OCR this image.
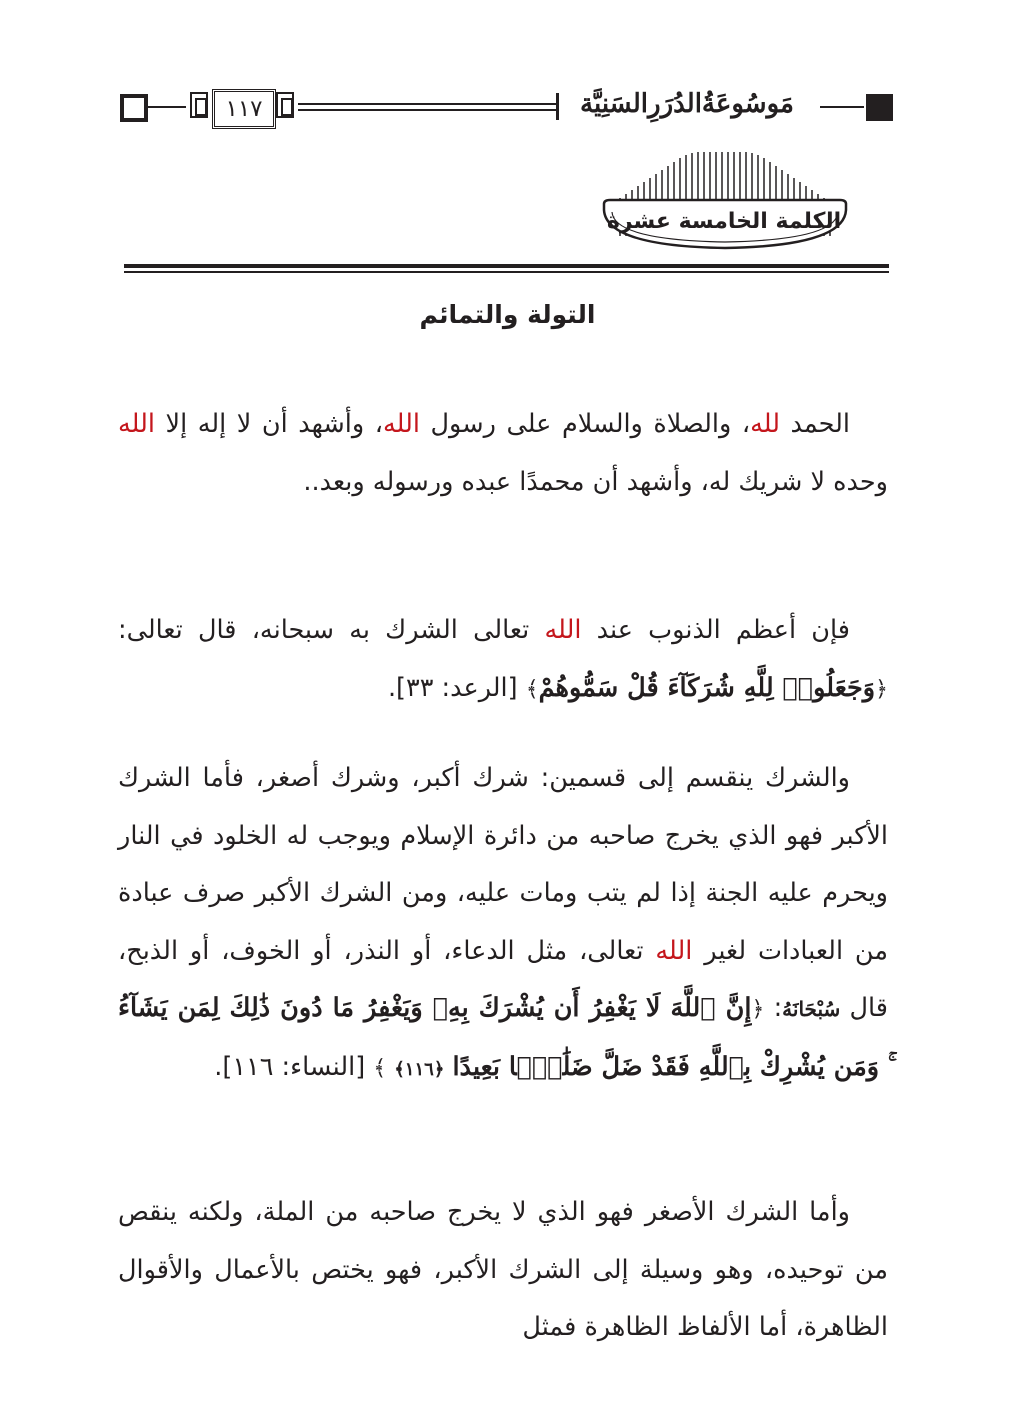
١١٧	مَوسُوعَةُالدُرَرِالسَنِيَّة
الكلمة الخامسة عشرة
التولة والتمائم
الحمد لله، والصلاة والسلام على رسول الله، وأشهد أن لا إله إلا الله وحده لا شريك له، وأشهد أن محمدًا عبده ورسوله وبعد..
فإن أعظم الذنوب عند الله تعالى الشرك به سبحانه، قال تعالى: ﴿وَجَعَلُوا۟ لِلَّهِ شُرَكَآءَ قُلْ سَمُّوهُمْ﴾ [الرعد: ٣٣].
والشرك ينقسم إلى قسمين: شرك أكبر، وشرك أصغر، فأما الشرك الأكبر فهو الذي يخرج صاحبه من دائرة الإسلام ويوجب له الخلود في النار ويحرم عليه الجنة إذا لم يتب ومات عليه، ومن الشرك الأكبر صرف عبادة من العبادات لغير الله تعالى، مثل الدعاء، أو النذر، أو الخوف، أو الذبح، قال سُبْحَانَهُ: ﴿إِنَّ ٱللَّهَ لَا يَغْفِرُ أَن يُشْرَكَ بِهِۦ وَيَغْفِرُ مَا دُونَ ذَٰلِكَ لِمَن يَشَآءُ ۚ وَمَن يُشْرِكْ بِٱللَّهِ فَقَدْ ضَلَّ ضَلَٰلًۢا بَعِيدًا ﴿١١٦﴾ ﴾ [النساء: ١١٦].
وأما الشرك الأصغر فهو الذي لا يخرج صاحبه من الملة، ولكنه ينقص من توحيده، وهو وسيلة إلى الشرك الأكبر، فهو يختص بالأعمال والأقوال الظاهرة، أما الألفاظ الظاهرة فمثل
